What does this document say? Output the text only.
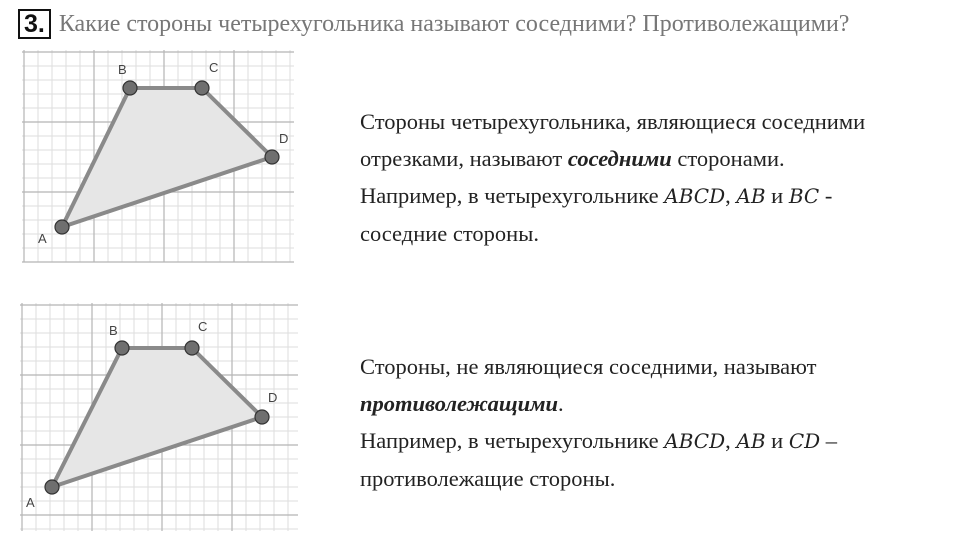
3. Какие стороны четырехугольника называют соседними? Противолежащими?
A
B	C
D
A
B	C
D
Стороны четырехугольника, являющиеся соседними
отрезками, называют соседними сторонами.
Например, в четырехугольнике ABCD, AB и BC -
соседние стороны.
Стороны, не являющиеся соседними, называют
противолежащими.
Например, в четырехугольнике ABCD, AB и CD –
противолежащие стороны.
